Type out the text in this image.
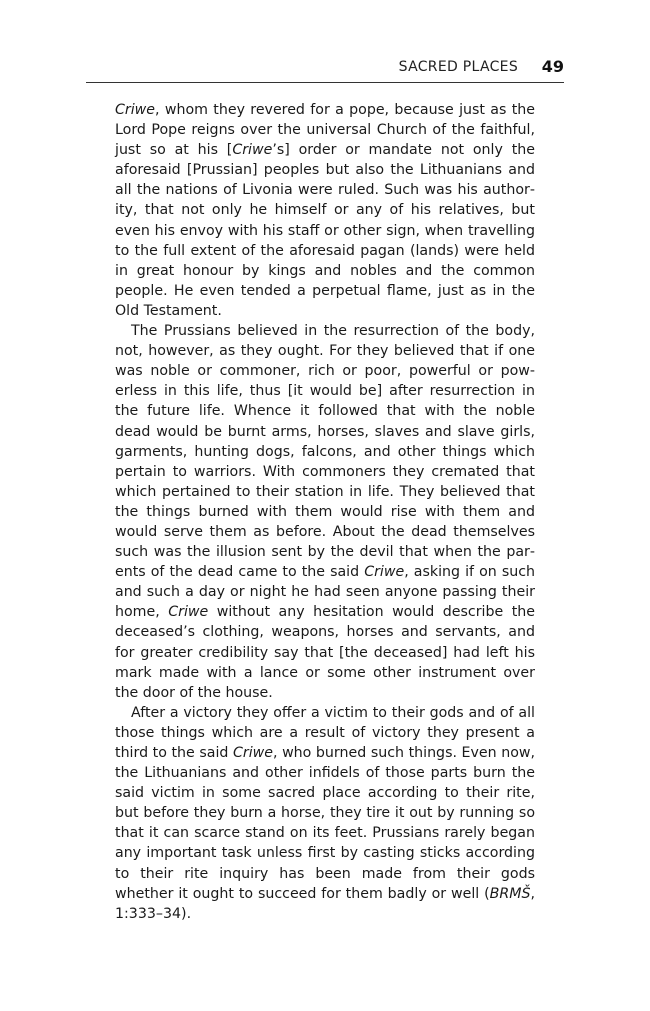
SACRED PLACES 49

Criwe, whom they revered for a pope, because just as the Lord Pope reigns over the universal Church of the faithful, just so at his [Criwe’s] order or mandate not only the aforesaid [Prussian] peoples but also the Lithuanians and all the nations of Livonia were ruled. Such was his authority, that not only he himself or any of his relatives, but even his envoy with his staff or other sign, when travelling to the full extent of the aforesaid pagan (lands) were held in great honour by kings and nobles and the common people. He even tended a perpetual flame, just as in the Old Testament.

The Prussians believed in the resurrection of the body, not, however, as they ought. For they believed that if one was noble or commoner, rich or poor, powerful or powerless in this life, thus [it would be] after resurrection in the future life. Whence it followed that with the noble dead would be burnt arms, horses, slaves and slave girls, garments, hunting dogs, falcons, and other things which pertain to warriors. With commoners they cremated that which pertained to their station in life. They believed that the things burned with them would rise with them and would serve them as before. About the dead themselves such was the illusion sent by the devil that when the parents of the dead came to the said Criwe, asking if on such and such a day or night he had seen anyone passing their home, Criwe without any hesitation would describe the deceased’s clothing, weapons, horses and servants, and for greater credibility say that [the deceased] had left his mark made with a lance or some other instrument over the door of the house.

After a victory they offer a victim to their gods and of all those things which are a result of victory they present a third to the said Criwe, who burned such things. Even now, the Lithuanians and other infidels of those parts burn the said victim in some sacred place according to their rite, but before they burn a horse, they tire it out by running so that it can scarce stand on its feet. Prussians rarely began any important task unless first by casting sticks according to their rite inquiry has been made from their gods whether it ought to succeed for them badly or well (BRMŠ, 1:333–34).
